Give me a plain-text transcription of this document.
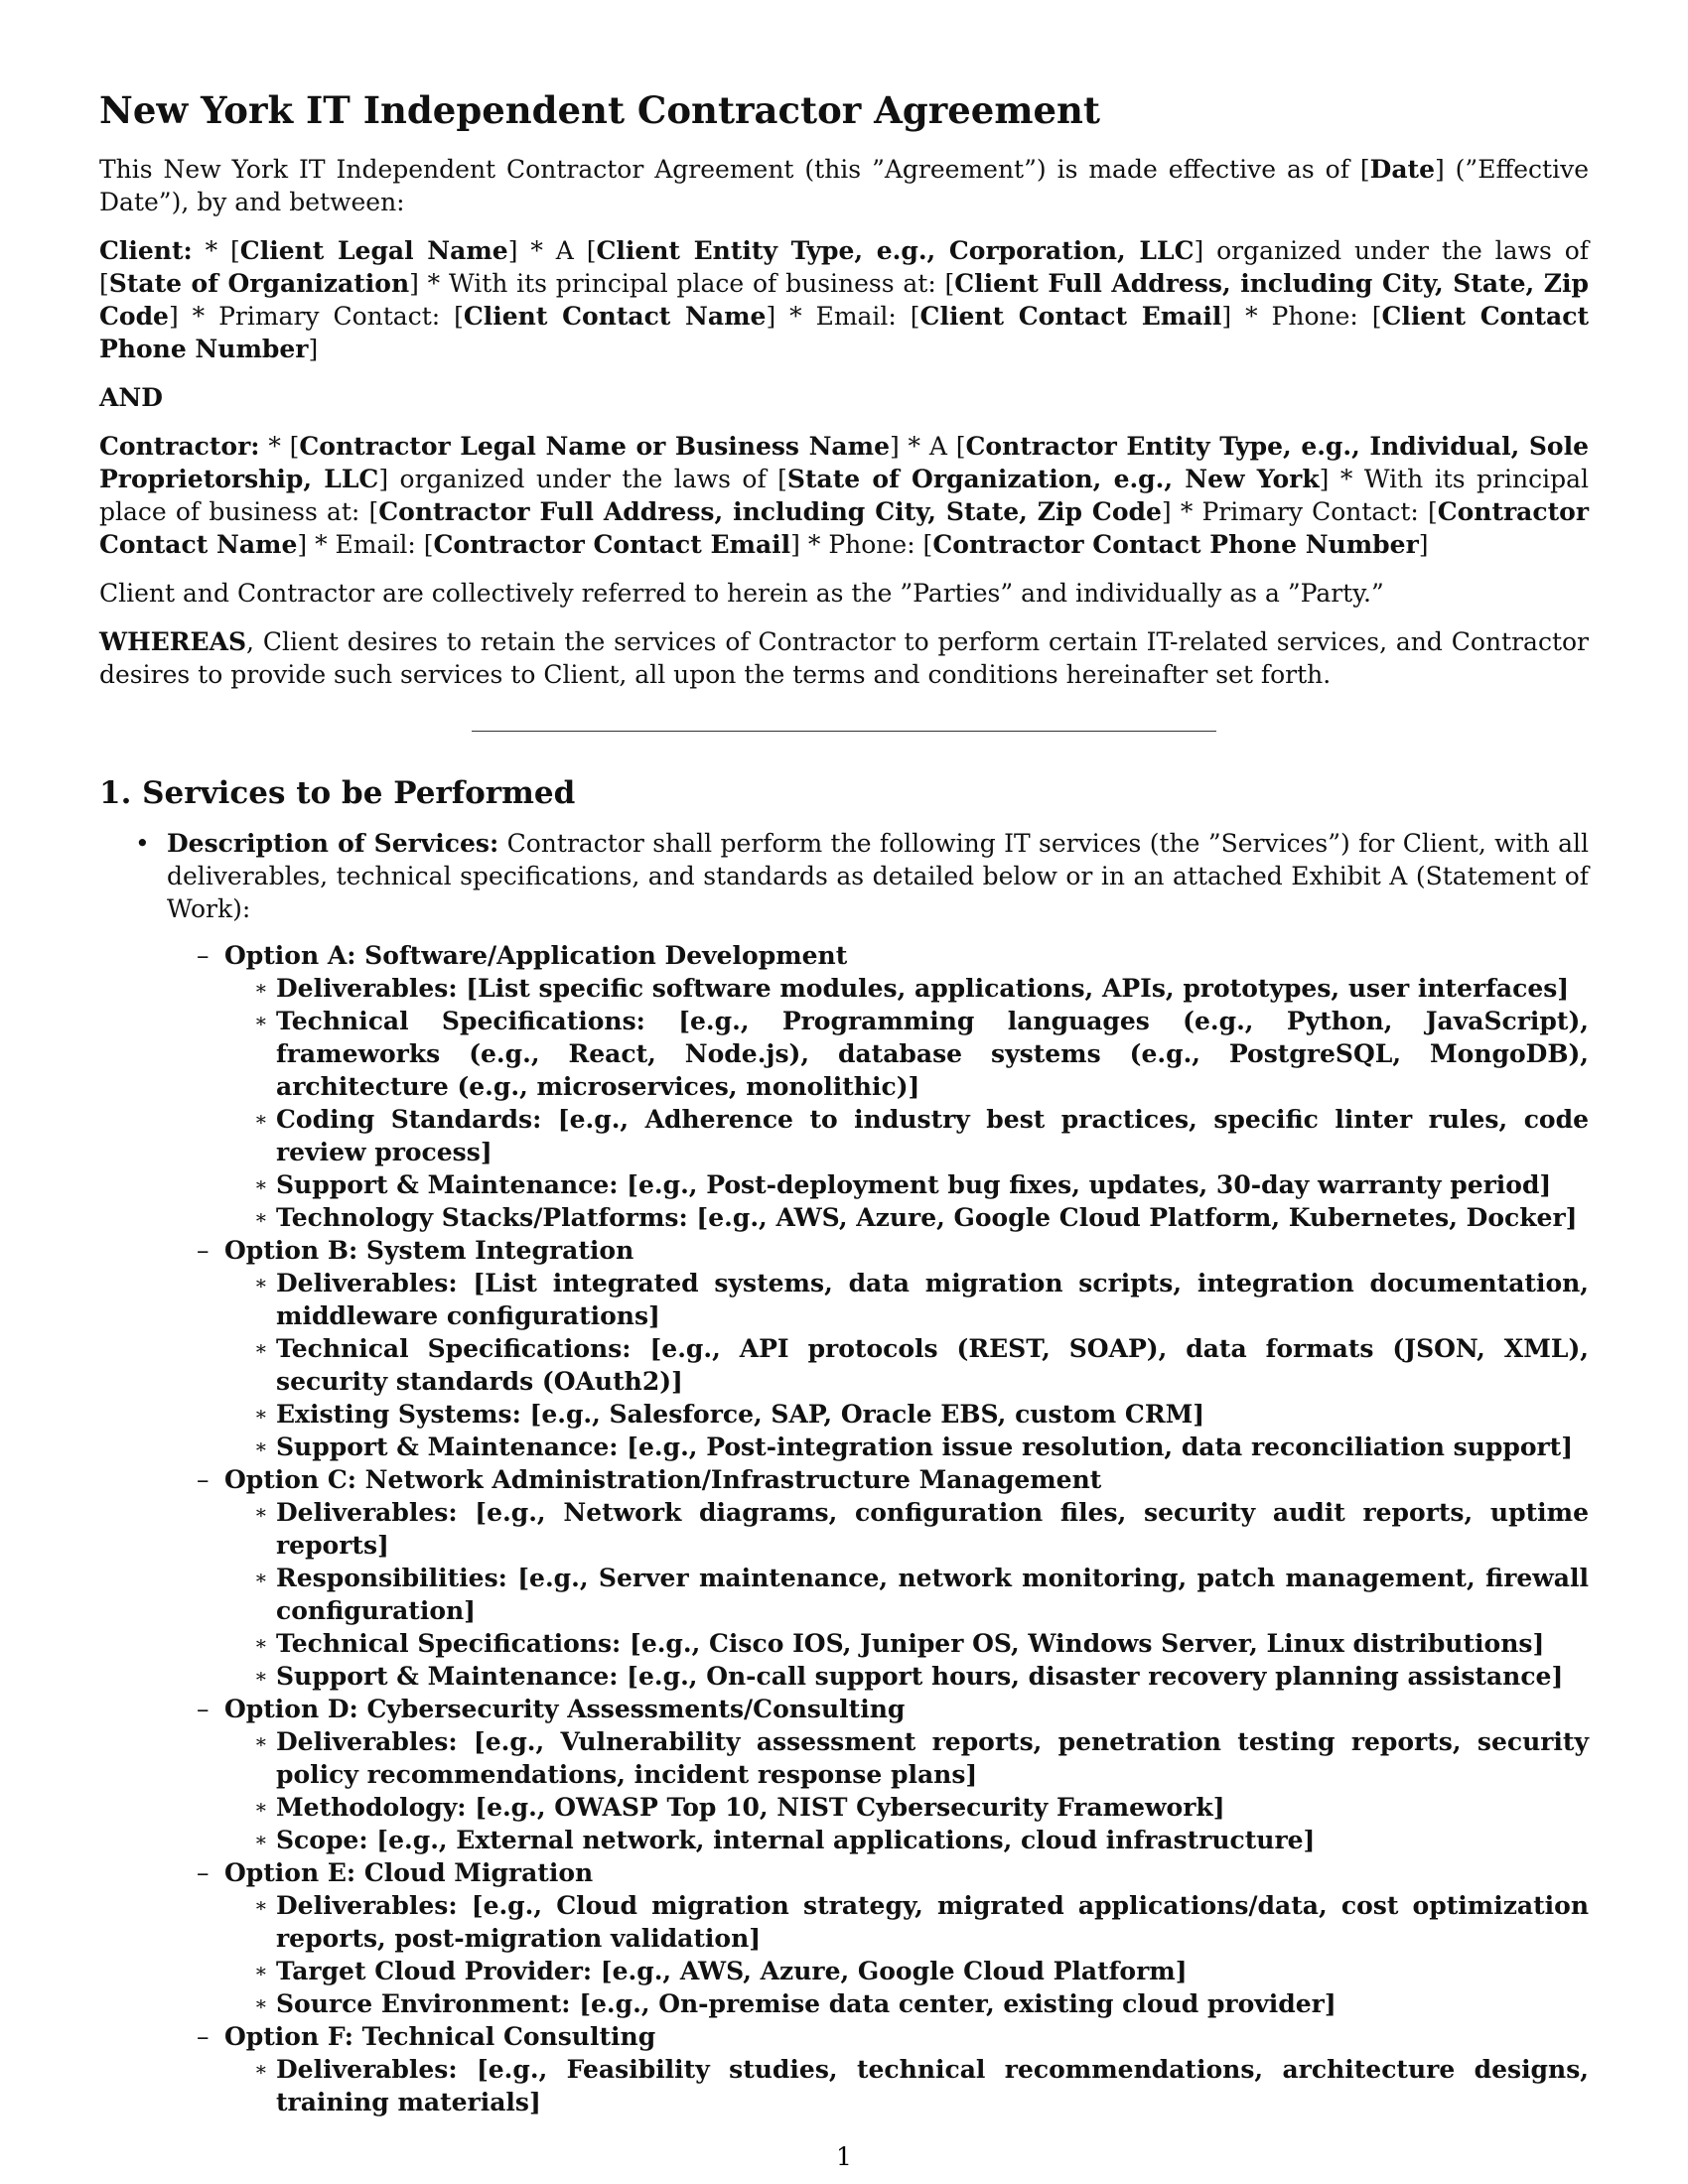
New York IT Independent Contractor Agreement

This New York IT Independent Contractor Agreement (this ”Agreement”) is made effective as of [Date] (”Effective Date”), by and between:

Client: * [Client Legal Name] * A [Client Entity Type, e.g., Corporation, LLC] organized under the laws of [State of Organization] * With its principal place of business at: [Client Full Address, including City, State, Zip Code] * Primary Contact: [Client Contact Name] * Email: [Client Contact Email] * Phone: [Client Contact Phone Number]

AND

Contractor: * [Contractor Legal Name or Business Name] * A [Contractor Entity Type, e.g., Individual, Sole Proprietorship, LLC] organized under the laws of [State of Organization, e.g., New York] * With its principal place of business at: [Contractor Full Address, including City, State, Zip Code] * Primary Contact: [Contractor Contact Name] * Email: [Contractor Contact Email] * Phone: [Contractor Contact Phone Number]

Client and Contractor are collectively referred to herein as the ”Parties” and individually as a ”Party.”

WHEREAS, Client desires to retain the services of Contractor to perform certain IT-related services, and Contractor desires to provide such services to Client, all upon the terms and conditions hereinafter set forth.

1. Services to be Performed
• Description of Services: Contractor shall perform the following IT services (the ”Services”) for Client, with all deliverables, technical specifications, and standards as detailed below or in an attached Exhibit A (Statement of Work):
– Option A: Software/Application Development
∗ Deliverables: [List specific software modules, applications, APIs, prototypes, user interfaces]
∗ Technical Specifications: [e.g., Programming languages (e.g., Python, JavaScript), frameworks (e.g., React, Node.js), database systems (e.g., PostgreSQL, MongoDB), architecture (e.g., microservices, monolithic)]
∗ Coding Standards: [e.g., Adherence to industry best practices, specific linter rules, code review process]
∗ Support & Maintenance: [e.g., Post-deployment bug fixes, updates, 30-day warranty period]
∗ Technology Stacks/Platforms: [e.g., AWS, Azure, Google Cloud Platform, Kubernetes, Docker]
– Option B: System Integration
∗ Deliverables: [List integrated systems, data migration scripts, integration documentation, middleware configurations]
∗ Technical Specifications: [e.g., API protocols (REST, SOAP), data formats (JSON, XML), security standards (OAuth2)]
∗ Existing Systems: [e.g., Salesforce, SAP, Oracle EBS, custom CRM]
∗ Support & Maintenance: [e.g., Post-integration issue resolution, data reconciliation support]
– Option C: Network Administration/Infrastructure Management
∗ Deliverables: [e.g., Network diagrams, configuration files, security audit reports, uptime reports]
∗ Responsibilities: [e.g., Server maintenance, network monitoring, patch management, firewall configuration]
∗ Technical Specifications: [e.g., Cisco IOS, Juniper OS, Windows Server, Linux distributions]
∗ Support & Maintenance: [e.g., On-call support hours, disaster recovery planning assistance]
– Option D: Cybersecurity Assessments/Consulting
∗ Deliverables: [e.g., Vulnerability assessment reports, penetration testing reports, security policy recommendations, incident response plans]
∗ Methodology: [e.g., OWASP Top 10, NIST Cybersecurity Framework]
∗ Scope: [e.g., External network, internal applications, cloud infrastructure]
– Option E: Cloud Migration
∗ Deliverables: [e.g., Cloud migration strategy, migrated applications/data, cost optimization reports, post-migration validation]
∗ Target Cloud Provider: [e.g., AWS, Azure, Google Cloud Platform]
∗ Source Environment: [e.g., On-premise data center, existing cloud provider]
– Option F: Technical Consulting
∗ Deliverables: [e.g., Feasibility studies, technical recommendations, architecture designs, training materials]
1
